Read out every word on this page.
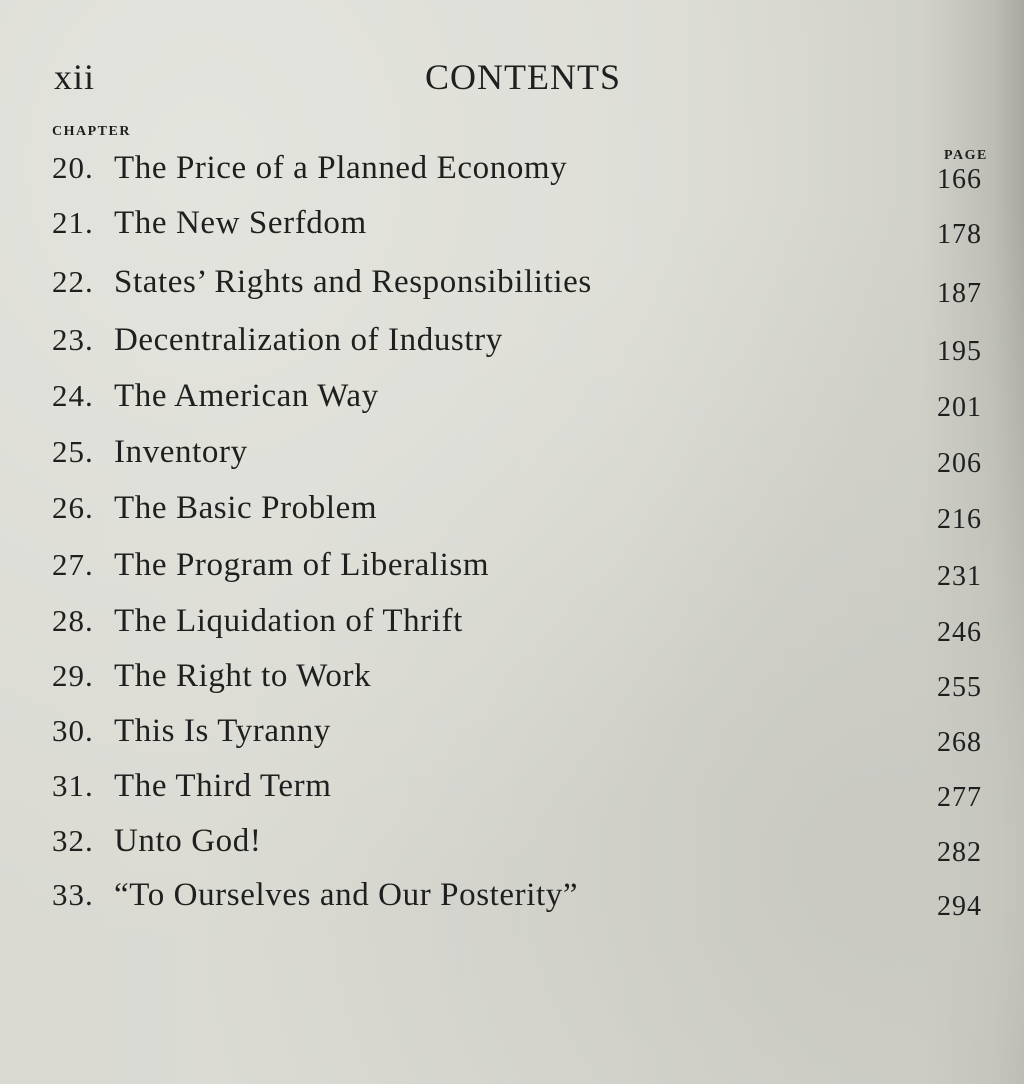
xii	CONTENTS
CHAPTER
PAGE
20. The Price of a Planned Economy	166
21. The New Serfdom	178
22. States’ Rights and Responsibilities	187
23. Decentralization of Industry	195
24. The American Way	201
25. Inventory	206
26. The Basic Problem	216
27. The Program of Liberalism	231
28. The Liquidation of Thrift	246
29. The Right to Work	255
30. This Is Tyranny	268
31. The Third Term	277
32. Unto God!	282
33. “To Ourselves and Our Posterity”	294
